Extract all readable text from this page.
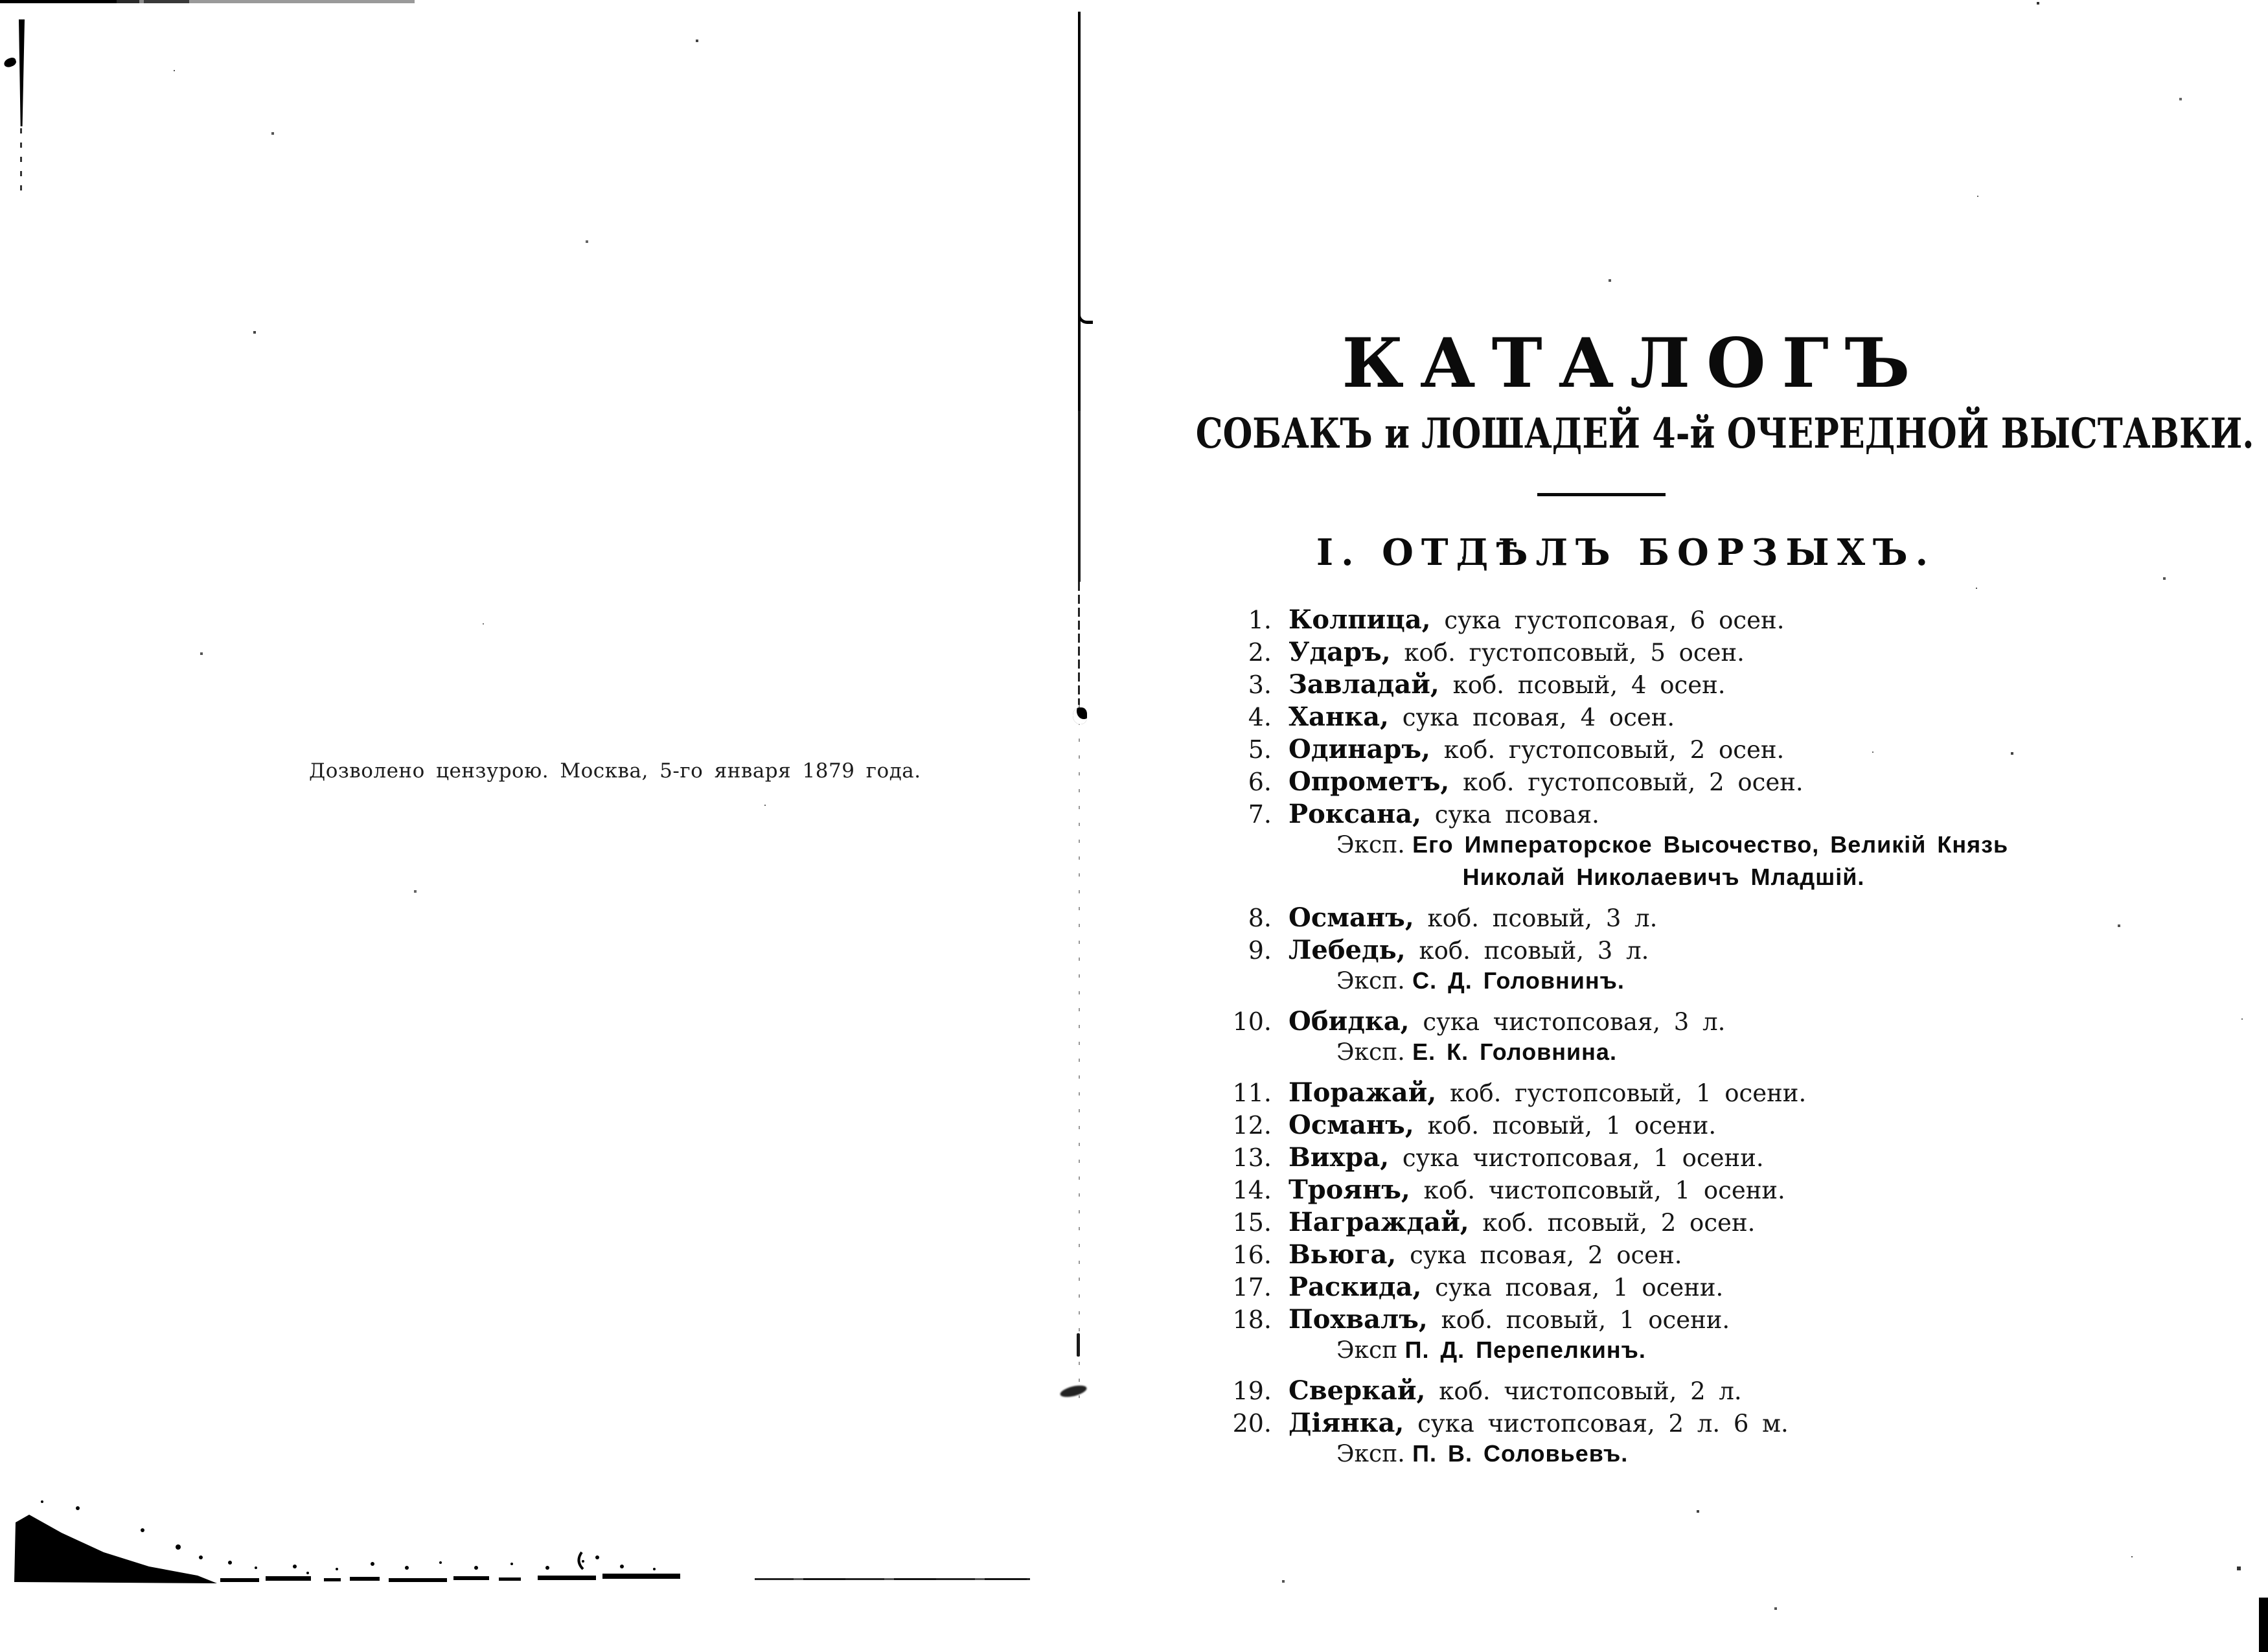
Дозволено цензурою. Москва, 5-го января 1879 года.
КАТАЛОГЪ
СОБАКЪ и ЛОШАДЕЙ 4-й ОЧЕРЕДНОЙ ВЫСТАВКИ.
I. ОТДѢЛЪ БОРЗЫХЪ.
1. Колпица, сука густопсовая, 6 осен.
2. Ударъ, коб. густопсовый, 5 осен.
3. Завладай, коб. псовый, 4 осен.
4. Ханка, сука псовая, 4 осен.
5. Одинаръ, коб. густопсовый, 2 осен.
6. Опрометъ, коб. густопсовый, 2 осен.
7. Роксана, сука псовая.
Эксп. Его Императорское Высочество, Великій Князь
Николай Николаевичъ Младшій.
8. Османъ, коб. псовый, 3 л.
9. Лебедь, коб. псовый, 3 л.
Эксп. С. Д. Головнинъ.
10. Обидка, сука чистопсовая, 3 л.
Эксп. Е. К. Головнина.
11. Поражай, коб. густопсовый, 1 осени.
12. Османъ, коб. псовый, 1 осени.
13. Вихра, сука чистопсовая, 1 осени.
14. Троянъ, коб. чистопсовый, 1 осени.
15. Награждай, коб. псовый, 2 осен.
16. Вьюга, сука псовая, 2 осен.
17. Раскида, сука псовая, 1 осени.
18. Похвалъ, коб. псовый, 1 осени.
Эксп П. Д. Перепелкинъ.
19. Сверкай, коб. чистопсовый, 2 л.
20. Діянка, сука чистопсовая, 2 л. 6 м.
Эксп. П. В. Соловьевъ.
